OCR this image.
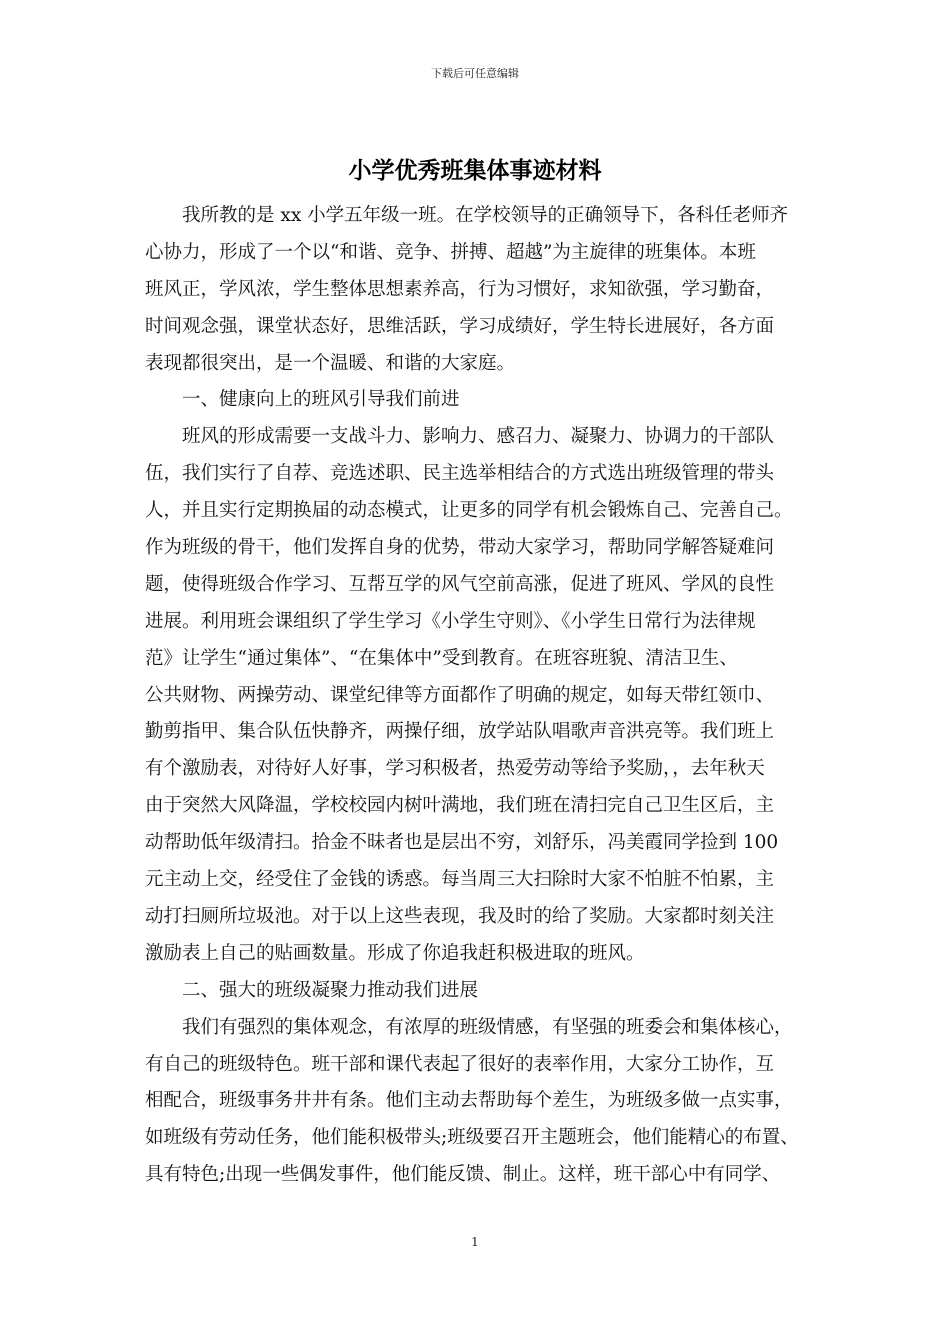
下载后可任意编辑
小学优秀班集体事迹材料
我所教的是 xx 小学五年级一班。在学校领导的正确领导下，各科任老师齐
心协力，形成了一个以“和谐、竞争、拼搏、超越”为主旋律的班集体。本班
班风正，学风浓，学生整体思想素养高，行为习惯好，求知欲强，学习勤奋，
时间观念强，课堂状态好，思维活跃，学习成绩好，学生特长进展好，各方面
表现都很突出，是一个温暖、和谐的大家庭。
一、健康向上的班风引导我们前进
班风的形成需要一支战斗力、影响力、感召力、凝聚力、协调力的干部队
伍，我们实行了自荐、竞选述职、民主选举相结合的方式选出班级管理的带头
人，并且实行定期换届的动态模式，让更多的同学有机会锻炼自己、完善自己。
作为班级的骨干，他们发挥自身的优势，带动大家学习，帮助同学解答疑难问
题，使得班级合作学习、互帮互学的风气空前高涨，促进了班风、学风的良性
进展。利用班会课组织了学生学习《小学生守则》、《小学生日常行为法律规
范》让学生“通过集体”、“在集体中”受到教育。在班容班貌、清洁卫生、
公共财物、两操劳动、课堂纪律等方面都作了明确的规定，如每天带红领巾、
勤剪指甲、集合队伍快静齐，两操仔细，放学站队唱歌声音洪亮等。我们班上
有个激励表，对待好人好事，学习积极者，热爱劳动等给予奖励，，去年秋天
由于突然大风降温，学校校园内树叶满地，我们班在清扫完自己卫生区后，主
动帮助低年级清扫。拾金不昧者也是层出不穷，刘舒乐，冯美霞同学捡到 100
元主动上交，经受住了金钱的诱惑。每当周三大扫除时大家不怕脏不怕累，主
动打扫厕所垃圾池。对于以上这些表现，我及时的给了奖励。大家都时刻关注
激励表上自己的贴画数量。形成了你追我赶积极进取的班风。
二、强大的班级凝聚力推动我们进展
我们有强烈的集体观念，有浓厚的班级情感，有坚强的班委会和集体核心，
有自己的班级特色。班干部和课代表起了很好的表率作用，大家分工协作，互
相配合，班级事务井井有条。他们主动去帮助每个差生，为班级多做一点实事，
如班级有劳动任务，他们能积极带头;班级要召开主题班会，他们能精心的布置、
具有特色;出现一些偶发事件，他们能反馈、制止。这样，班干部心中有同学、
1
